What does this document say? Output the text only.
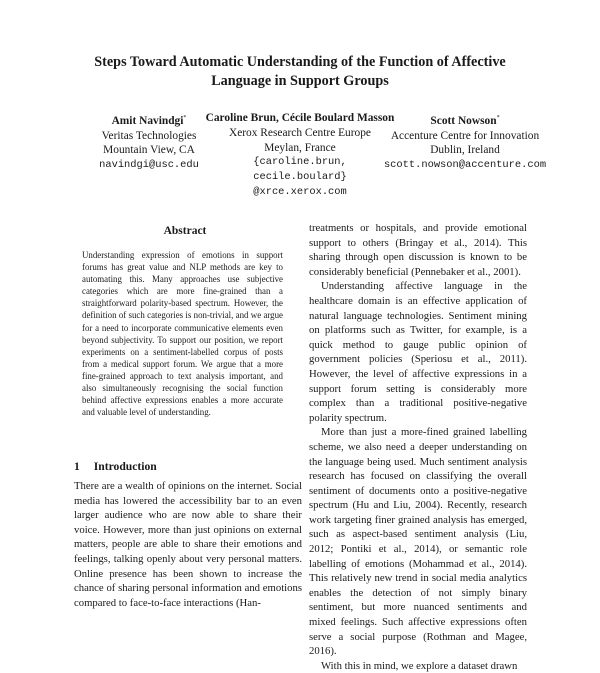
Steps Toward Automatic Understanding of the Function of Affective
Language in Support Groups
Amit Navindgi*
Veritas Technologies
Mountain View, CA
navindgi@usc.edu
Caroline Brun, Cécile Boulard Masson
Xerox Research Centre Europe
Meylan, France
{caroline.brun,
cecile.boulard}
@xrce.xerox.com
Scott Nowson*
Accenture Centre for Innovation
Dublin, Ireland
scott.nowson@accenture.com
Abstract
Understanding expression of emotions in support forums has great value and NLP methods are key to automating this. Many approaches use subjective categories which are more fine-grained than a straightforward polarity-based spectrum. However, the definition of such categories is non-trivial, and we argue for a need to incorporate communicative elements even beyond subjectivity. To support our position, we report experiments on a sentiment-labelled corpus of posts from a medical support forum. We argue that a more fine-grained approach to text analysis important, and also simultaneously recognising the social function behind affective expressions enables a more accurate and valuable level of understanding.
1 Introduction

There are a wealth of opinions on the internet. Social media has lowered the accessibility bar to an even larger audience who are now able to share their voice. However, more than just opinions on external matters, people are able to share their emotions and feelings, talking openly about very personal matters. Online presence has been shown to increase the chance of sharing personal information and emotions compared to face-to-face interactions (Han-

treatments or hospitals, and provide emotional support to others (Bringay et al., 2014). This sharing through open discussion is known to be considerably beneficial (Pennebaker et al., 2001).

Understanding affective language in the healthcare domain is an effective application of natural language technologies. Sentiment mining on platforms such as Twitter, for example, is a quick method to gauge public opinion of government policies (Speriosu et al., 2011). However, the level of affective expressions in a support forum setting is considerably more complex than a traditional positive-negative polarity spectrum.

More than just a more-fined grained labelling scheme, we also need a deeper understanding on the language being used. Much sentiment analysis research has focused on classifying the overall sentiment of documents onto a positive-negative spectrum (Hu and Liu, 2004). Recently, research work targeting finer grained analysis has emerged, such as aspect-based sentiment analysis (Liu, 2012; Pontiki et al., 2014), or semantic role labelling of emotions (Mohammad et al., 2014). This relatively new trend in social media analytics enables the detection of not simply binary sentiment, but more nuanced sentiments and mixed feelings. Such affective expressions often serve a social purpose (Rothman and Magee, 2016).

With this in mind, we explore a dataset drawn
